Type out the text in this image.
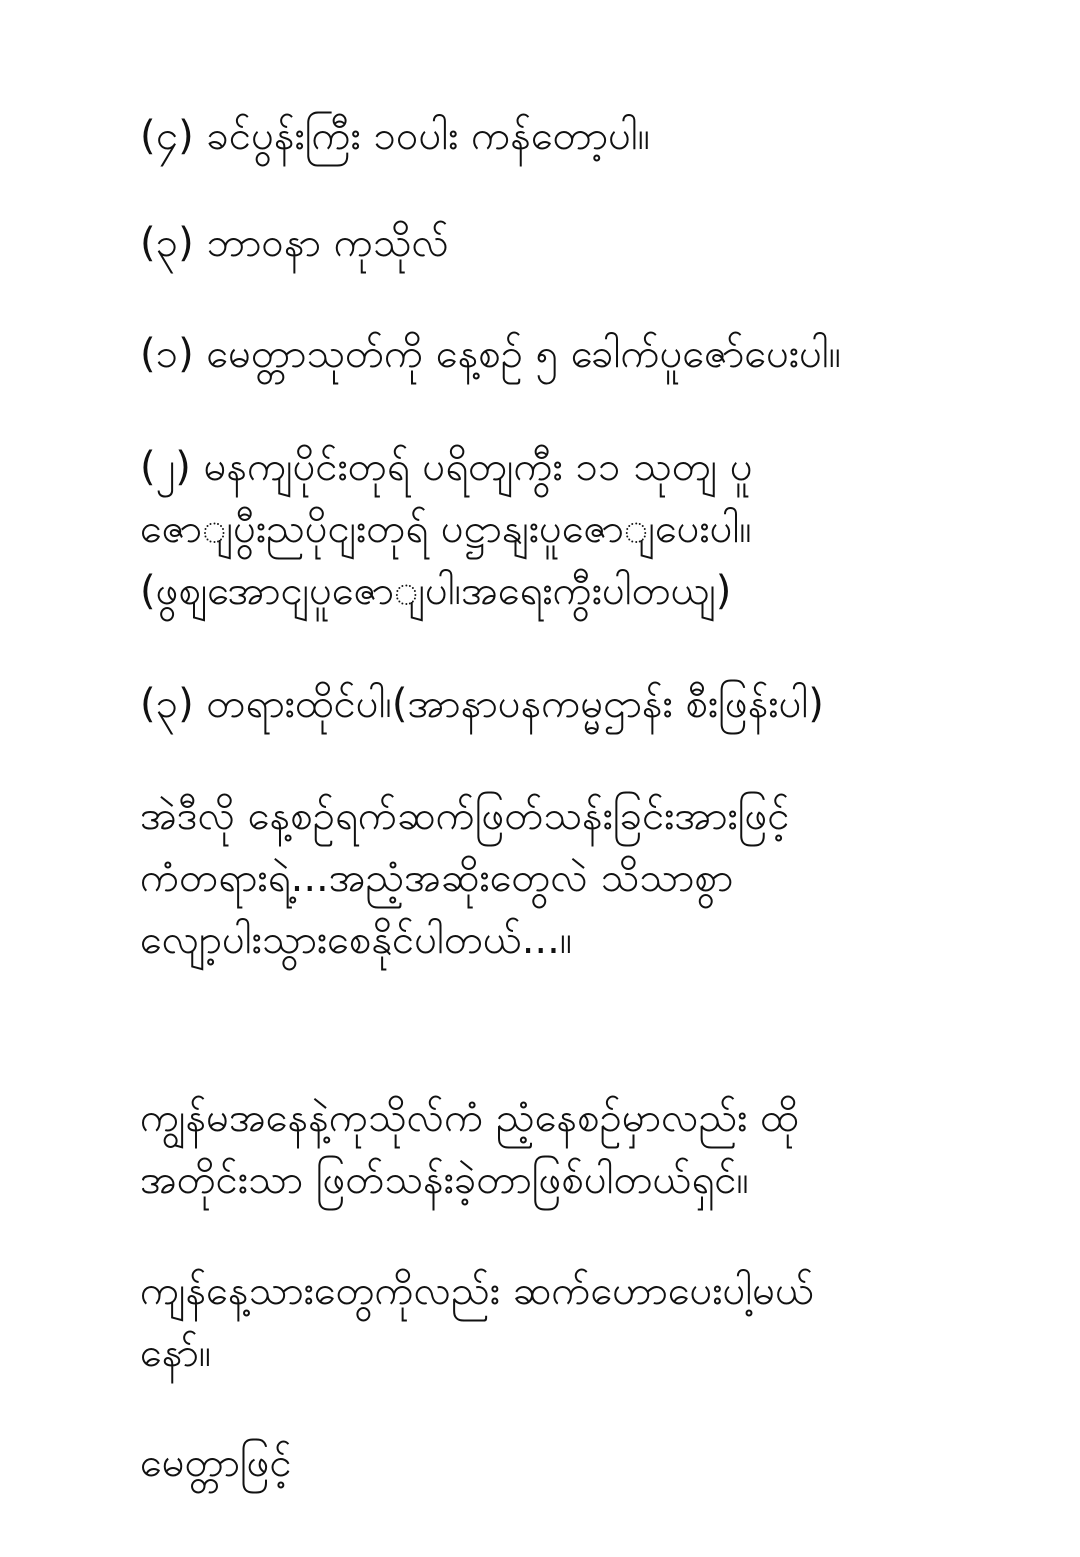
(၄) ခင်ပွန်းကြီး ၁၀ပါး ကန်တော့ပါ။

(၃) ဘာဝနာ ကုသိုလ်

(၁) မေတ္တာသုတ်ကို နေ့စဉ် ၅ ခေါက်ပူဇော်ပေးပါ။

(၂) မနကျပိုင်းတုရ် ပရိတျကွီး ၁၁ သုတျ ပူ
ဇောျပွီးညပိုငျးတုရ် ပဋ္ဌာနျးပူဇောျပေးပါ။
(ဖွစျအောငျပူဇောျပါ၊အရေးကွီးပါတယျ)

(၃) တရားထိုင်ပါ၊(အာနာပနကမ္မဌာန်း စီးဖြန်းပါ)

အဲဒီလို နေ့စဉ်ရက်ဆက်ဖြတ်သန်းခြင်းအားဖြင့်
ကံတရားရဲ့...အညံ့အဆိုးတွေလဲ သိသာစွာ
လျော့ပါးသွားစေနိုင်ပါတယ်...။

ကျွန်မအနေနဲ့ကုသိုလ်ကံ ညံ့နေစဉ်မှာလည်း ထို
အတိုင်းသာ ဖြတ်သန်းခဲ့တာဖြစ်ပါတယ်ရှင်။

ကျန်နေ့သားတွေကိုလည်း ဆက်ဟောပေးပါ့မယ်
နော်။

မေတ္တာဖြင့်
